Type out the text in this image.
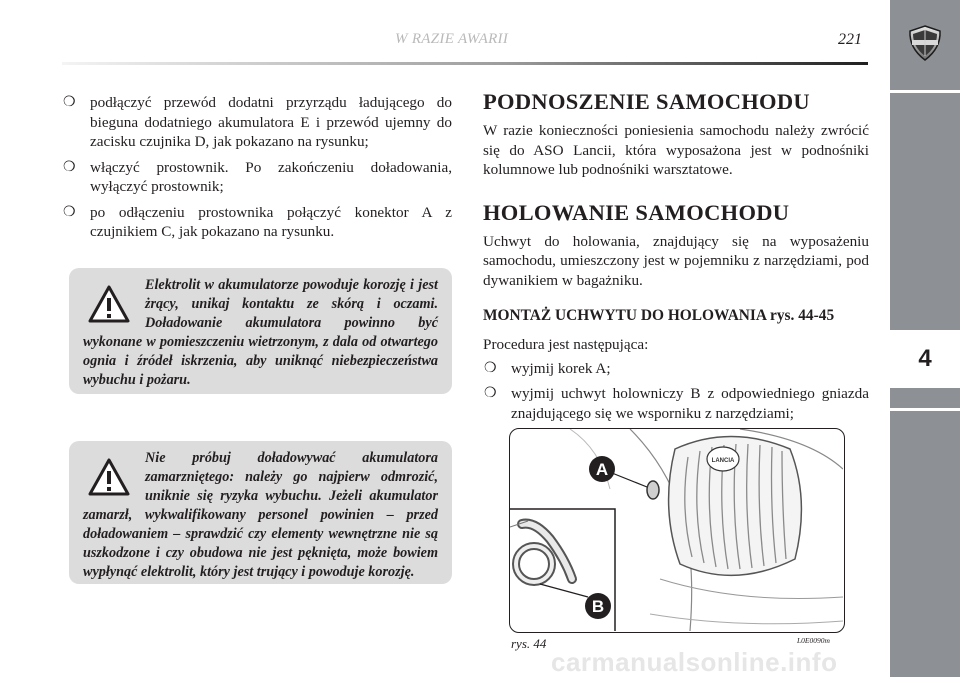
W RAZIE AWARII	221
4
❍ podłączyć przewód dodatni przyrządu ładującego do bieguna dodatniego akumulatora E i przewód ujemny do zacisku czujnika D, jak pokazano na rysunku;
❍ włączyć prostownik. Po zakończeniu doładowania, wyłączyć prostownik;
❍ po odłączeniu prostownika połączyć konektor A z czujnikiem C, jak pokazano na rysunku.
Elektrolit w akumulatorze powoduje korozję i jest żrący, unikaj kontaktu ze skórą i oczami. Doładowanie akumulatora powinno być wykonane w pomieszczeniu wietrzonym, z dala od otwartego ognia i źródeł iskrzenia, aby uniknąć niebezpieczeństwa wybuchu i pożaru.
Nie próbuj doładowywać akumulatora zamarzniętego: należy go najpierw odmrozić, uniknie się ryzyka wybuchu. Jeżeli akumulator zamarzł, wykwalifikowany personel powinien – przed doładowaniem – sprawdzić czy elementy wewnętrzne nie są uszkodzone i czy obudowa nie jest pęknięta, może bowiem wypłynąć elektrolit, który jest trujący i powoduje korozję.
PODNOSZENIE SAMOCHODU

W razie konieczności poniesienia samochodu należy zwrócić się do ASO Lancii, która wyposażona jest w podnośniki kolumnowe lub podnośniki warsztatowe.

HOLOWANIE SAMOCHODU

Uchwyt do holowania, znajdujący się na wyposażeniu samochodu, umieszczony jest w pojemniku z narzędziami, pod dywanikiem w bagażniku.

MONTAŻ UCHWYTU DO HOLOWANIA rys. 44-45

Procedura jest następująca:

❍ wyjmij korek A;
❍ wyjmij uchwyt holowniczy B z odpowiedniego gniazda znajdującego się we wsporniku z narzędziami;
LANCIA
A
B
rys. 44	L0E0090m
carmanualsonline.info
